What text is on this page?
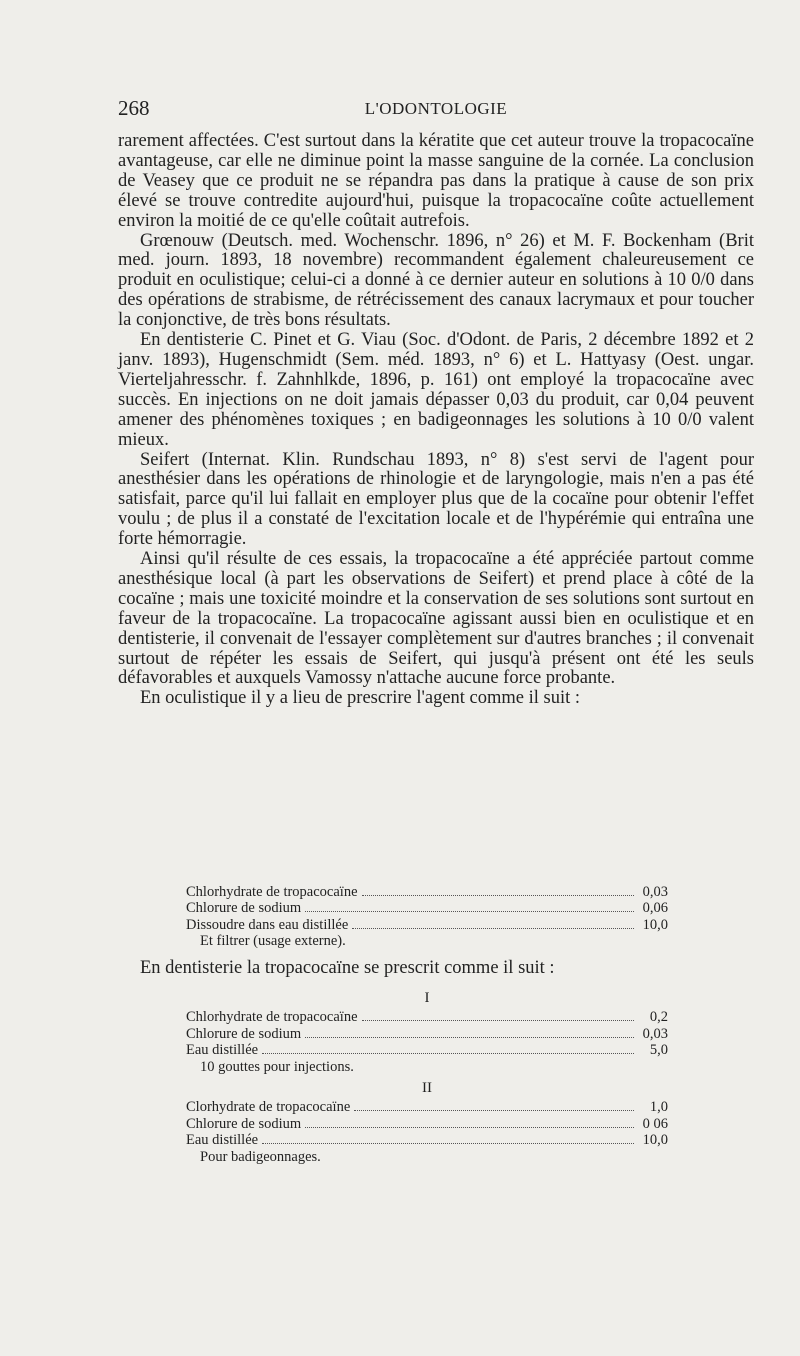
268	L'ODONTOLOGIE

rarement affectées. C'est surtout dans la kératite que cet auteur trouve la tropacocaïne avantageuse, car elle ne diminue point la masse sanguine de la cornée. La conclusion de Veasey que ce produit ne se répandra pas dans la pratique à cause de son prix élevé se trouve contredite aujourd'hui, puisque la tropacocaïne coûte actuellement environ la moitié de ce qu'elle coûtait autrefois.

Grœnouw (Deutsch. med. Wochenschr. 1896, n° 26) et M. F. Bockenham (Brit med. journ. 1893, 18 novembre) recommandent également chaleureusement ce produit en oculistique; celui-ci a donné à ce dernier auteur en solutions à 10 0/0 dans des opérations de strabisme, de rétrécissement des canaux lacrymaux et pour toucher la conjonctive, de très bons résultats.

En dentisterie C. Pinet et G. Viau (Soc. d'Odont. de Paris, 2 décembre 1892 et 2 janv. 1893), Hugenschmidt (Sem. méd. 1893, n° 6) et L. Hattyasy (Oest. ungar. Vierteljahresschr. f. Zahnhlkde, 1896, p. 161) ont employé la tropacocaïne avec succès. En injections on ne doit jamais dépasser 0,03 du produit, car 0,04 peuvent amener des phénomènes toxiques ; en badigeonnages les solutions à 10 0/0 valent mieux.

Seifert (Internat. Klin. Rundschau 1893, n° 8) s'est servi de l'agent pour anesthésier dans les opérations de rhinologie et de laryngologie, mais n'en a pas été satisfait, parce qu'il lui fallait en employer plus que de la cocaïne pour obtenir l'effet voulu ; de plus il a constaté de l'excitation locale et de l'hypérémie qui entraîna une forte hémorragie.

Ainsi qu'il résulte de ces essais, la tropacocaïne a été appréciée partout comme anesthésique local (à part les observations de Seifert) et prend place à côté de la cocaïne ; mais une toxicité moindre et la conservation de ses solutions sont surtout en faveur de la tropacocaïne. La tropacocaïne agissant aussi bien en oculistique et en dentisterie, il convenait de l'essayer complètement sur d'autres branches ; il convenait surtout de répéter les essais de Seifert, qui jusqu'à présent ont été les seuls défavorables et auxquels Vamossy n'attache aucune force probante.

En oculistique il y a lieu de prescrire l'agent comme il suit :

Chlorhydrate de tropacocaïne	0,03
Chlorure de sodium	0,06
Dissoudre dans eau distillée	10,0
Et filtrer (usage externe).
En dentisterie la tropacocaïne se prescrit comme il suit :
I
Chlorhydrate de tropacocaïne	0,2
Chlorure de sodium	0,03
Eau distillée	5,0
10 gouttes pour injections.
II
Clorhydrate de tropacocaïne	1,0
Chlorure de sodium	0 06
Eau distillée	10,0
Pour badigeonnages.
